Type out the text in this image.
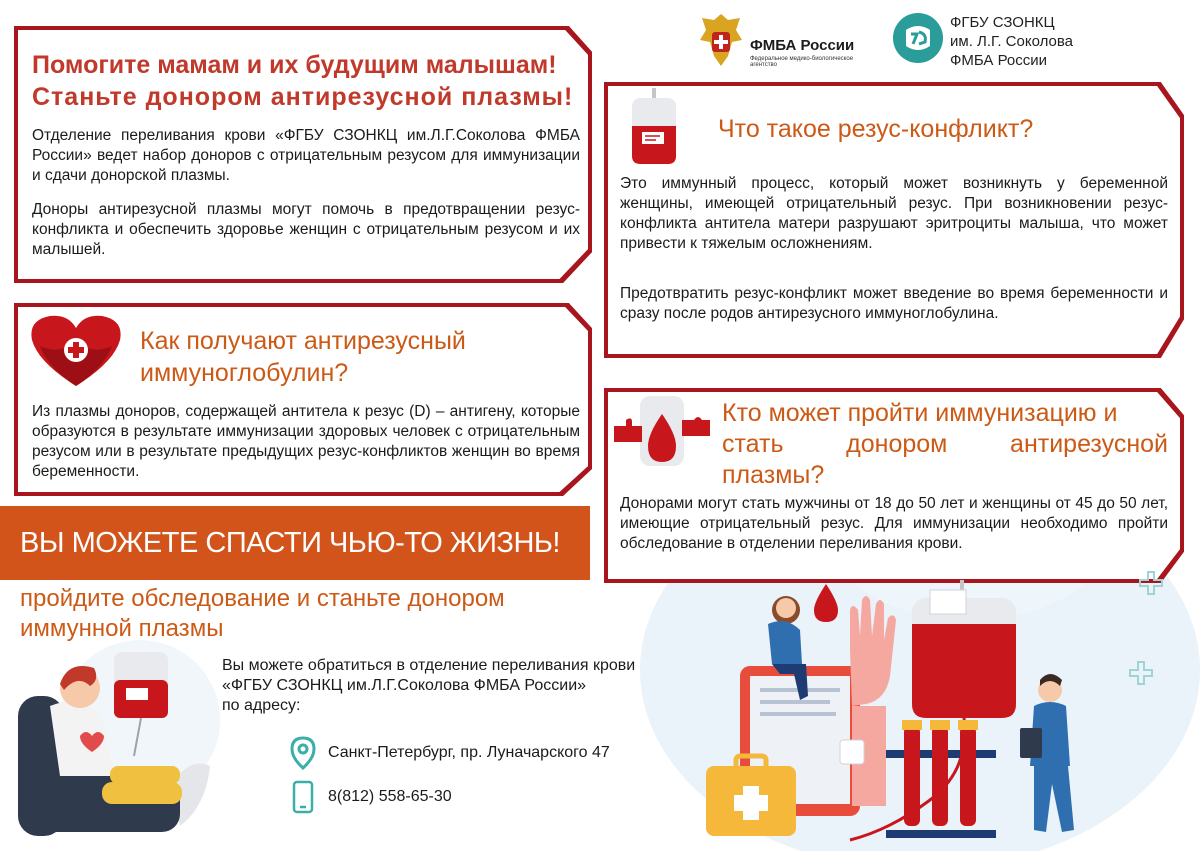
ФМБА России
Федеральное медико-биологическое агентство
ФГБУ СЗОНКЦ
им. Л.Г. Соколова
ФМБА России
Помогите мамам и их будущим малышам!
Станьте донором антирезусной плазмы!
Отделение переливания крови «ФГБУ СЗОНКЦ им.Л.Г.Соколова ФМБА России» ведет набор доноров с отрицательным резусом для иммунизации и сдачи донорской плазмы.
Доноры антирезусной плазмы могут помочь в предотвращении резус-конфликта и обеспечить здоровье женщин с отрицательным резусом и их малышей.
Что такое резус-конфликт?
Это иммунный процесс, который может возникнуть у беременной женщины, имеющей отрицательный резус. При возникновении резус-конфликта антитела матери разрушают эритроциты малыша, что может привести к тяжелым осложнениям.
Предотвратить резус-конфликт может введение во время беременности и сразу после родов антирезусного иммуноглобулина.
Как получают антирезусный
иммуноглобулин?
Из плазмы доноров, содержащей антитела к резус (D) – антигену, которые образуются в результате иммунизации здоровых человек с отрицательным резусом или в результате предыдущих резус-конфликтов женщин во время беременности.
Кто может пройти иммунизацию и
стать донором антирезусной
плазмы?
Донорами могут стать мужчины от 18 до 50 лет и женщины от 45 до 50 лет, имеющие отрицательный резус. Для иммунизации необходимо пройти обследование в отделении переливания крови.
ВЫ МОЖЕТЕ СПАСТИ ЧЬЮ-ТО ЖИЗНЬ!
пройдите обследование и станьте донором
иммунной плазмы
Вы можете обратиться в отделение переливания крови
«ФГБУ СЗОНКЦ им.Л.Г.Соколова ФМБА России»
по адресу:
Санкт-Петербург, пр. Луначарского 47
8(812) 558-65-30
